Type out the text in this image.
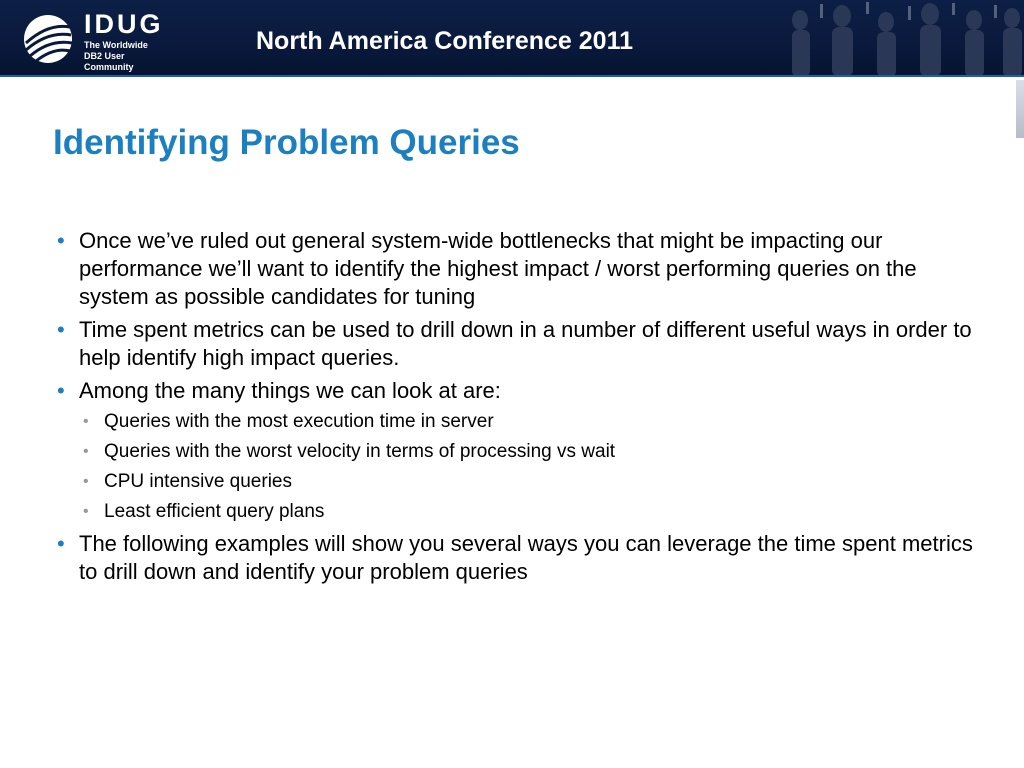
IDUG
The Worldwide
DB2 User Community
North America Conference 2011
Identifying Problem Queries
• Once we’ve ruled out general system-wide bottlenecks that might be impacting our performance we’ll want to identify the highest impact / worst performing queries on the system as possible candidates for tuning
• Time spent metrics can be used to drill down in a number of different useful ways in order to help identify high impact queries.
• Among the many things we can look at are:
• Queries with the most execution time in server
• Queries with the worst velocity in terms of processing vs wait
• CPU intensive queries
• Least efficient query plans
• The following examples will show you several ways you can leverage the time spent metrics to drill down and identify your problem queries
